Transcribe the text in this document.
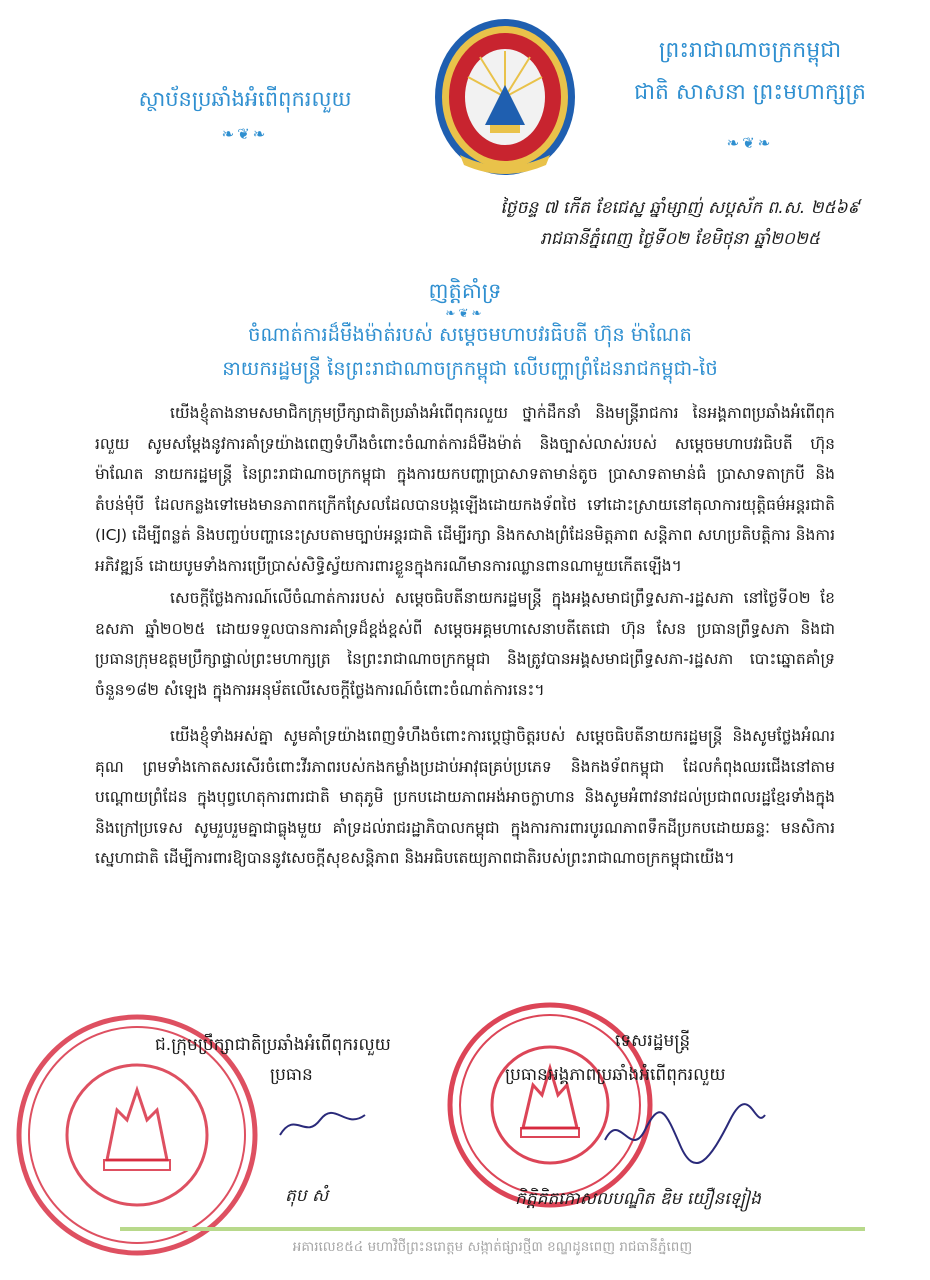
ស្ថាប័នប្រឆាំងអំពើពុករលួយ
❧❦❧
ព្រះរាជាណាចក្រកម្ពុជា
ជាតិ សាសនា ព្រះមហាក្សត្រ
❧❦❧
ថ្ងៃចន្ទ ៧ កើត ខែជេស្ឋ ឆ្នាំម្សាញ់ សប្តស័ក ព.ស. ២៥៦៩
រាជធានីភ្នំពេញ ថ្ងៃទី០២ ខែមិថុនា ឆ្នាំ២០២៥
ញត្តិគាំទ្រ
❧❦❧
ចំណាត់ការដ៏មឺងម៉ាត់របស់ សម្តេចមហាបវរធិបតី ហ៊ុន ម៉ាណែត
នាយករដ្ឋមន្ត្រី នៃព្រះរាជាណាចក្រកម្ពុជា លើបញ្ហាព្រំដែនរាជកម្ពុជា-ថៃ

យើងខ្ញុំតាងនាមសមាជិកក្រុមប្រឹក្សាជាតិប្រឆាំងអំពើពុករលួយ ថ្នាក់ដឹកនាំ និងមន្ត្រីរាជការ នៃអង្គភាពប្រឆាំងអំពើពុករលួយ សូមសម្តែងនូវការគាំទ្រយ៉ាងពេញទំហឹងចំពោះចំណាត់ការដ៏មឺងម៉ាត់ និងច្បាស់លាស់របស់ សម្តេចមហាបវរធិបតី ហ៊ុន ម៉ាណែត នាយករដ្ឋមន្ត្រី នៃព្រះរាជាណាចក្រកម្ពុជា ក្នុងការយកបញ្ហាប្រាសាទតាមាន់តូច ប្រាសាទតាមាន់ធំ ប្រាសាទតាក្របី និងតំបន់មុំបី ដែលកន្លងទៅមេងមានភាពកក្រើកស្រែលដែលបានបង្កឡើងដោយកងទ័ពថៃ ទៅដោះស្រាយនៅតុលាការយុត្តិធម៌អន្តរជាតិ (ICJ) ដើម្បីពន្លត់ និងបញ្ចប់បញ្ហានេះស្របតាមច្បាប់អន្តរជាតិ ដើម្បីរក្សា និងកសាងព្រំដែនមិត្តភាព សន្តិភាព សហប្រតិបត្តិការ និងការអភិវឌ្ឍន៍ ដោយបូមទាំងការប្រើប្រាស់សិទ្ធិស្វ័យការពារខ្លួនក្នុងករណីមានការឈ្លានពានណាមួយកើតឡើង។

សេចក្តីថ្លែងការណ៍លើចំណាត់ការរបស់ សម្តេចធិបតីនាយករដ្ឋមន្ត្រី ក្នុងអង្គសមាជព្រឹទ្ធសភា-រដ្ឋសភា នៅថ្ងៃទី០២ ខែឧសភា ឆ្នាំ២០២៥ ដោយទទួលបានការគាំទ្រដ៏ខ្ពង់ខ្ពស់ពី សម្តេចអគ្គមហាសេនាបតីតេជោ ហ៊ុន សែន ប្រធានព្រឹទ្ធសភា និងជា ប្រធានក្រុមឧត្តមប្រឹក្សាផ្ទាល់ព្រះមហាក្សត្រ នៃព្រះរាជាណាចក្រកម្ពុជា និងត្រូវបានអង្គសមាជព្រឹទ្ធសភា-រដ្ឋសភា បោះឆ្នោតគាំទ្រចំនួន១៨២ សំឡេង ក្នុងការអនុម័តលើសេចក្តីថ្លែងការណ៍ចំពោះចំណាត់ការនេះ។

យើងខ្ញុំទាំងអស់គ្នា សូមគាំទ្រយ៉ាងពេញទំហឹងចំពោះការប្តេជ្ញាចិត្តរបស់ សម្តេចធិបតីនាយករដ្ឋមន្ត្រី និងសូមថ្លែងអំណរគុណ ព្រមទាំងកោតសរសើរចំពោះវីរភាពរបស់កងកម្លាំងប្រដាប់អាវុធគ្រប់ប្រភេទ និងកងទ័ពកម្ពុជា ដែលកំពុងឈរជើងនៅតាមបណ្តោយព្រំដែន ក្នុងបុព្វហេតុការពារជាតិ មាតុភូមិ ប្រកបដោយភាពអង់អាចក្លាហាន និងសូមអំពាវនាវដល់ប្រជាពលរដ្ឋខ្មែរទាំងក្នុង និងក្រៅប្រទេស សូមរួបរួមគ្នាជាធ្លុងមួយ គាំទ្រដល់រាជរដ្ឋាភិបាលកម្ពុជា ក្នុងការការពារបូរណភាពទឹកដីប្រកបដោយឆន្ទៈ មនសិការស្នេហាជាតិ ដើម្បីការពារឱ្យបាននូវសេចក្តីសុខសន្តិភាព និងអធិបតេយ្យភាពជាតិរបស់ព្រះរាជាណាចក្រកម្ពុជាយើង។

ជ.ក្រុមប្រឹក្សាជាតិប្រឆាំងអំពើពុករលួយ
ប្រធាន
តុប សំ
ទេសរដ្ឋមន្ត្រី
ប្រធានអង្គភាពប្រឆាំងអំពើពុករលួយ
កិត្តិគិតកោសលបណ្ឌិត ឌិម យឿនឡៀង
អគារលេខ៥៤ មហាវិថីព្រះនរោត្តម សង្កាត់ផ្សារថ្មី៣ ខណ្ឌដូនពេញ រាជធានីភ្នំពេញ
